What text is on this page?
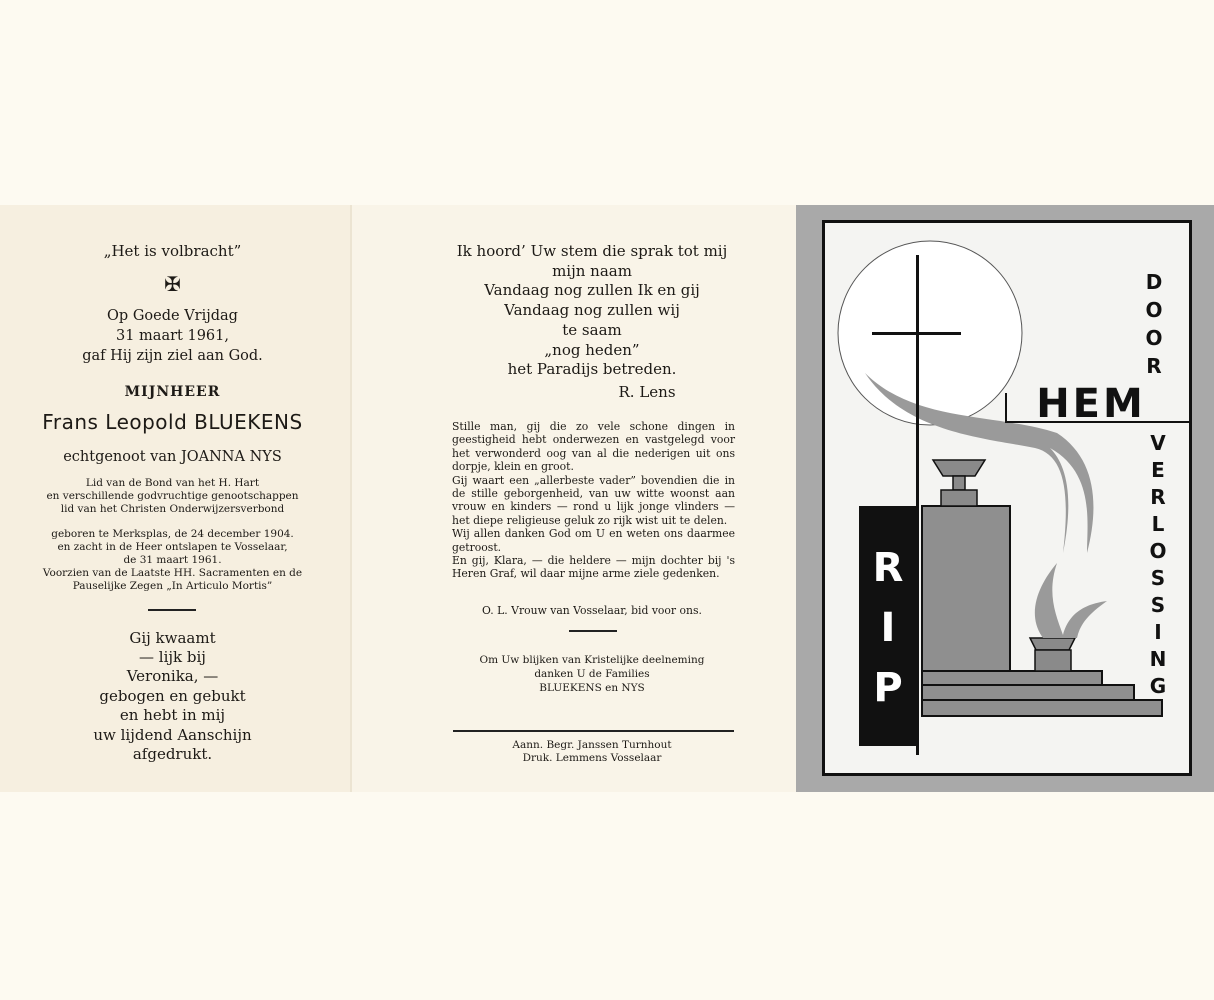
„Het is volbracht”
✠
Op Goede Vrijdag
31 maart 1961,
gaf Hij zijn ziel aan God.
MIJNHEER
Frans Leopold BLUEKENS
echtgenoot van JOANNA NYS
Lid van de Bond van het H. Hart
en verschillende godvruchtige genootschappen
lid van het Christen Onderwijzersverbond
geboren te Merksplas, de 24 december 1904.
en zacht in de Heer ontslapen te Vosselaar,
de 31 maart 1961.
Voorzien van de Laatste HH. Sacramenten en de
Pauselijke Zegen „In Articulo Mortis”
Gij kwaamt
— lijk bij
Veronika, —
gebogen en gebukt
en hebt in mij
uw lijdend Aanschijn
afgedrukt.
Ik hoord’ Uw stem die sprak tot mij
mijn naam
Vandaag nog zullen Ik en gij
Vandaag nog zullen wij
te saam
„nog heden”
het Paradijs betreden.
R. Lens

Stille man, gij die zo vele schone dingen in geestigheid hebt onderwezen en vastgelegd voor het verwonderd oog van al die nederigen uit ons dorpje, klein en groot.

Gij waart een „allerbeste vader” bovendien die in de stille geborgenheid, van uw witte woonst aan vrouw en kinders — rond u lijk jonge vlinders — het diepe religieuse geluk zo rijk wist uit te delen.

Wij allen danken God om U en weten ons daarmee getroost.

En gij, Klara, — die heldere — mijn dochter bij 's Heren Graf, wil daar mijne arme ziele gedenken.

O. L. Vrouw van Vosselaar, bid voor ons.
Om Uw blijken van Kristelijke deelneming
danken U de Families
BLUEKENS en NYS
Aann. Begr. Janssen Turnhout
Druk. Lemmens Vosselaar
R
I
P
D
O
O
R
HEM
V
E
R
L
O
S
S
I
N
G
